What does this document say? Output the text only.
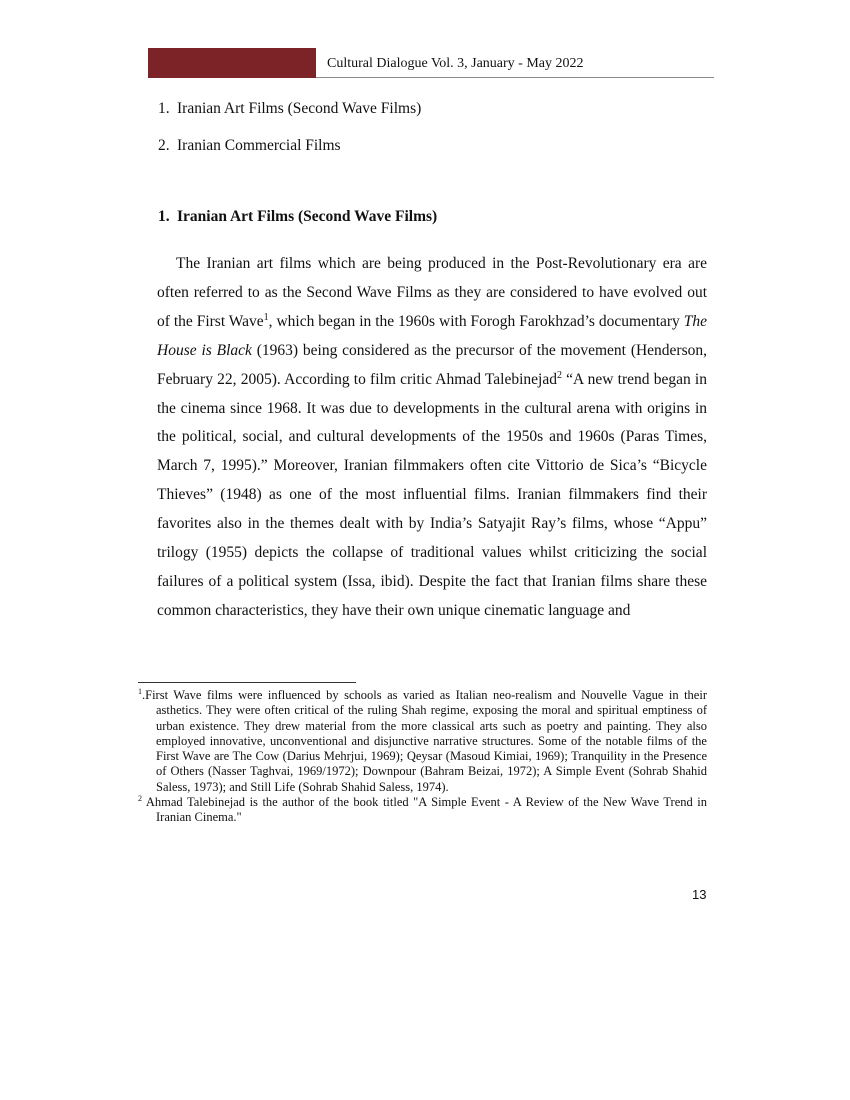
Cultural Dialogue Vol. 3, January - May 2022
1. Iranian Art Films (Second Wave Films)
2. Iranian Commercial Films
1. Iranian Art Films (Second Wave Films)

The Iranian art films which are being produced in the Post-Revolutionary era are often referred to as the Second Wave Films as they are considered to have evolved out of the First Wave$^1$, which began in the 1960s with Forogh Farokhzad’s documentary The House is Black (1963) being considered as the precursor of the movement (Henderson, February 22, 2005). According to film critic Ahmad Talebinejad$^2$ “A new trend began in the cinema since 1968. It was due to developments in the cultural arena with origins in the political, social, and cultural developments of the 1950s and 1960s (Paras Times, March 7, 1995).” Moreover, Iranian filmmakers often cite Vittorio de Sica’s “Bicycle Thieves” (1948) as one of the most influential films. Iranian filmmakers find their favorites also in the themes dealt with by India’s Satyajit Ray’s films, whose “Appu” trilogy (1955) depicts the collapse of traditional values whilst criticizing the social failures of a political system (Issa, ibid). Despite the fact that Iranian films share these common characteristics, they have their own unique cinematic language and

$^1$.First Wave films were influenced by schools as varied as Italian neo-realism and Nouvelle Vague in their asthetics. They were often critical of the ruling Shah regime, exposing the moral and spiritual emptiness of urban existence. They drew material from the more classical arts such as poetry and painting. They also employed innovative, unconventional and disjunctive narrative structures. Some of the notable films of the First Wave are The Cow (Darius Mehrjui, 1969); Qeysar (Masoud Kimiai, 1969); Tranquility in the Presence of Others (Nasser Taghvai, 1969/1972); Downpour (Bahram Beizai, 1972); A Simple Event (Sohrab Shahid Saless, 1973); and Still Life (Sohrab Shahid Saless, 1974).

$^2$ Ahmad Talebinejad is the author of the book titled "A Simple Event - A Review of the New Wave Trend in Iranian Cinema."

13
